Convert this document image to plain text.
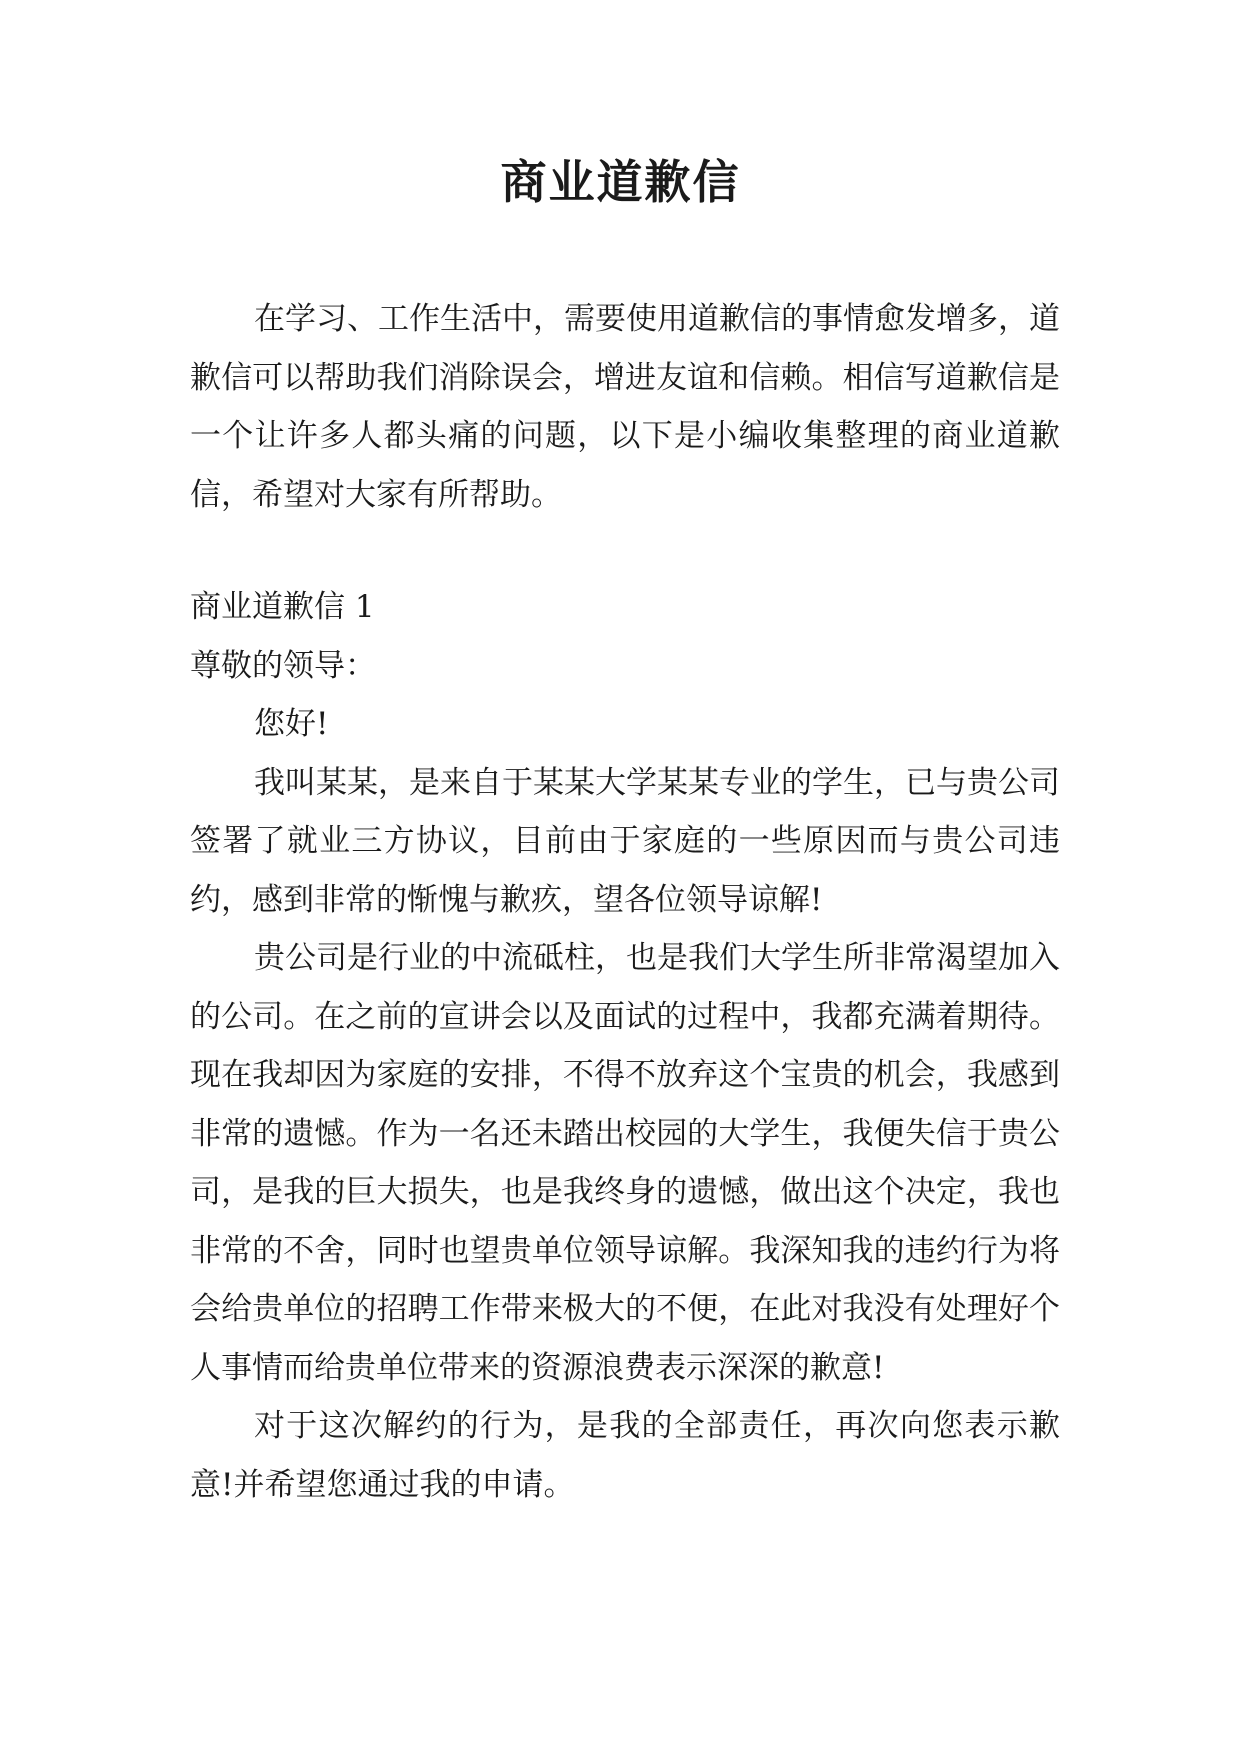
商业道歉信

在学习、工作生活中，需要使用道歉信的事情愈发增多，道歉信可以帮助我们消除误会，增进友谊和信赖。相信写道歉信是一个让许多人都头痛的问题，以下是小编收集整理的商业道歉信，希望对大家有所帮助。

商业道歉信 1

尊敬的领导：

您好!

我叫某某，是来自于某某大学某某专业的学生，已与贵公司签署了就业三方协议，目前由于家庭的一些原因而与贵公司违约，感到非常的惭愧与歉疚，望各位领导谅解!

贵公司是行业的中流砥柱，也是我们大学生所非常渴望加入的公司。在之前的宣讲会以及面试的过程中，我都充满着期待。现在我却因为家庭的安排，不得不放弃这个宝贵的机会，我感到非常的遗憾。作为一名还未踏出校园的大学生，我便失信于贵公司，是我的巨大损失，也是我终身的遗憾，做出这个决定，我也非常的不舍，同时也望贵单位领导谅解。我深知我的违约行为将会给贵单位的招聘工作带来极大的不便，在此对我没有处理好个人事情而给贵单位带来的资源浪费表示深深的歉意!

对于这次解约的行为，是我的全部责任，再次向您表示歉意!并希望您通过我的申请。
